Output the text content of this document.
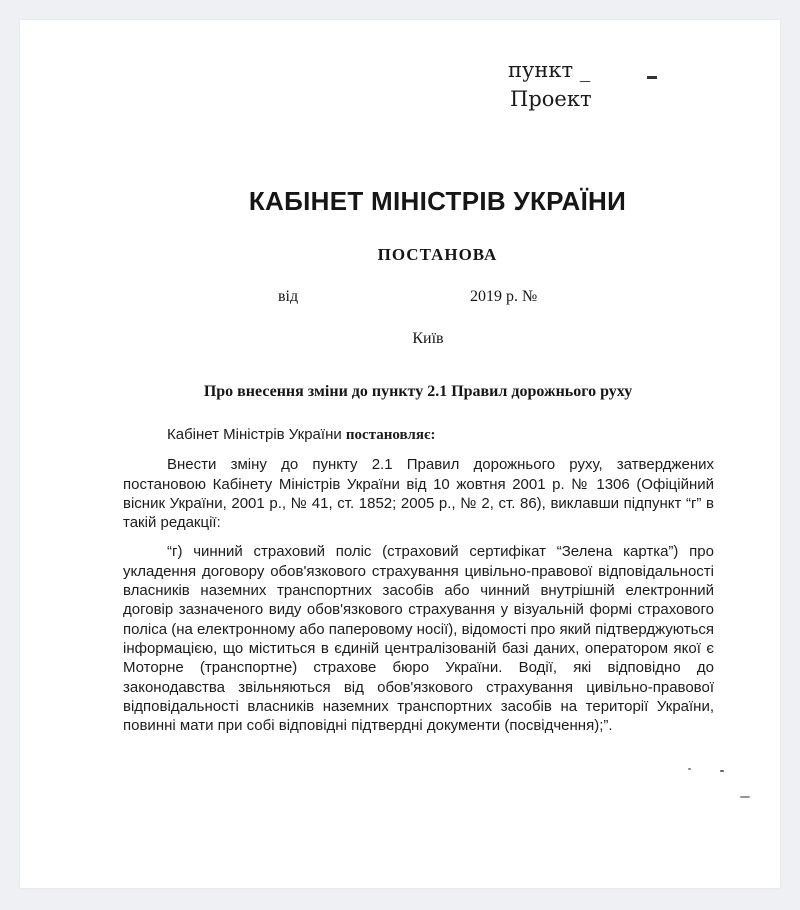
пункт _
Проект
КАБІНЕТ МІНІСТРІВ УКРАЇНИ
ПОСТАНОВА
від	2019 р. №
Київ
Про внесення зміни до пункту 2.1 Правил дорожнього руху

Кабінет Міністрів України постановляє:

Внести зміну до пункту 2.1 Правил дорожнього руху, затверджених постановою Кабінету Міністрів України від 10 жовтня 2001 р. № 1306 (Офіційний вісник України, 2001 р., № 41, ст. 1852; 2005 р., № 2, ст. 86), виклавши підпункт “г” в такій редакції:

“г) чинний страховий поліс (страховий сертифікат “Зелена картка”) про укладення договору обов'язкового страхування цивільно-правової відповідальності власників наземних транспортних засобів або чинний внутрішній електронний договір зазначеного виду обов'язкового страхування у візуальній формі страхового поліса (на електронному або паперовому носії), відомості про який підтверджуються інформацією, що міститься в єдиній централізованій базі даних, оператором якої є Моторне (транспортне) страхове бюро України. Водії, які відповідно до законодавства звільняються від обов'язкового страхування цивільно-правової відповідальності власників наземних транспортних засобів на території України, повинні мати при собі відповідні підтвердні документи (посвідчення);”.
